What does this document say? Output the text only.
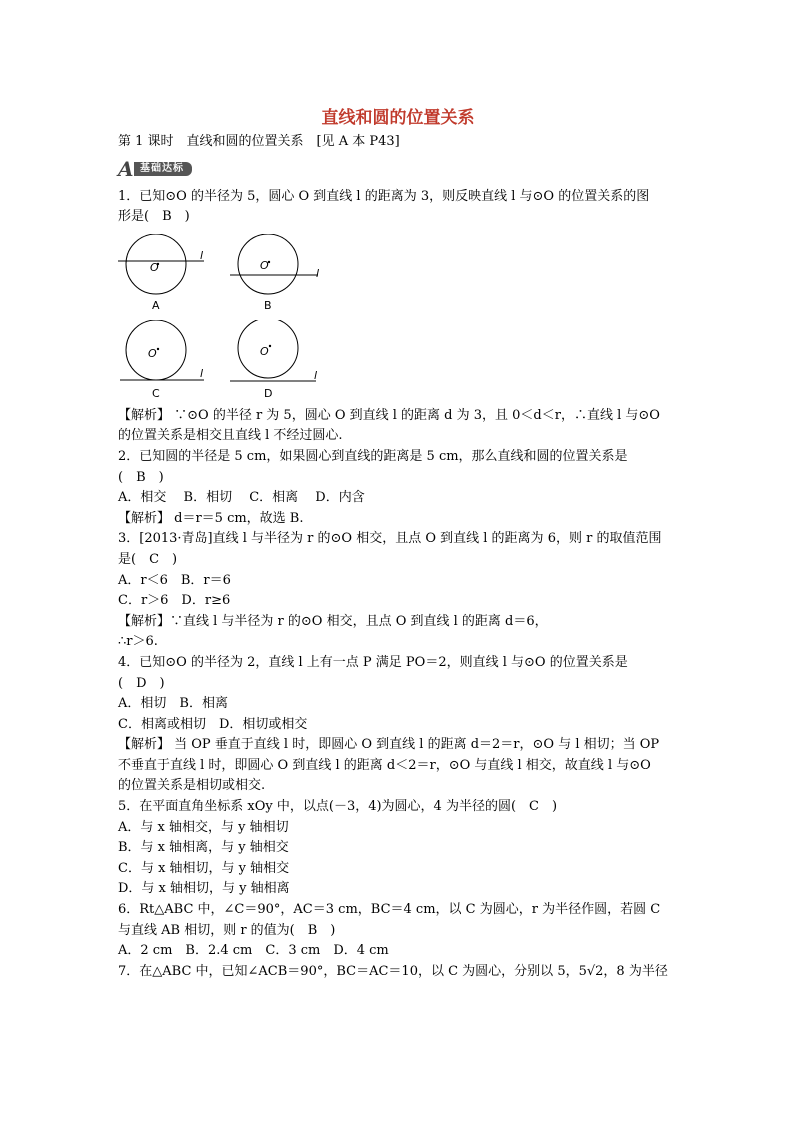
直线和圆的位置关系
第 1 课时　直线和圆的位置关系　[见 A 本 P43]
A 基础达标
1．已知⊙O 的半径为 5，圆心 O 到直线 l 的距离为 3，则反映直线 l 与⊙O 的位置关系的图
形是(　B　)
O
l
A
O
l
B
O
l
C
O
l
D
【解析】 ∵⊙O 的半径 r 为 5，圆心 O 到直线 l 的距离 d 为 3，且 0＜d＜r，∴直线 l 与⊙O
的位置关系是相交且直线 l 不经过圆心.
2．已知圆的半径是 5 cm，如果圆心到直线的距离是 5 cm，那么直线和圆的位置关系是
(　B　)
A．相交　 B．相切　 C．相离　 D．内含
【解析】 d＝r＝5 cm，故选 B.
3．[2013·青岛]直线 l 与半径为 r 的⊙O 相交，且点 O 到直线 l 的距离为 6，则 r 的取值范围
是(　C　)
A．r＜6　B．r＝6
C．r＞6　D．r≥6
【解析】∵直线 l 与半径为 r 的⊙O 相交，且点 O 到直线 l 的距离 d＝6，
∴r＞6.
4．已知⊙O 的半径为 2，直线 l 上有一点 P 满足 PO＝2，则直线 l 与⊙O 的位置关系是
(　D　)
A．相切　B．相离
C．相离或相切　D．相切或相交
【解析】 当 OP 垂直于直线 l 时，即圆心 O 到直线 l 的距离 d＝2＝r，⊙O 与 l 相切；当 OP
不垂直于直线 l 时，即圆心 O 到直线 l 的距离 d＜2＝r，⊙O 与直线 l 相交，故直线 l 与⊙O
的位置关系是相切或相交.
5．在平面直角坐标系 xOy 中，以点(－3，4)为圆心，4 为半径的圆(　C　)
A．与 x 轴相交，与 y 轴相切
B．与 x 轴相离，与 y 轴相交
C．与 x 轴相切，与 y 轴相交
D．与 x 轴相切，与 y 轴相离
6．Rt△ABC 中，∠C＝90°，AC＝3 cm，BC＝4 cm，以 C 为圆心，r 为半径作圆，若圆 C
与直线 AB 相切，则 r 的值为(　B　)
A．2 cm　B．2.4 cm　C．3 cm　D．4 cm
7．在△ABC 中，已知∠ACB＝90°，BC＝AC＝10，以 C 为圆心，分别以 5，5√2，8 为半径
